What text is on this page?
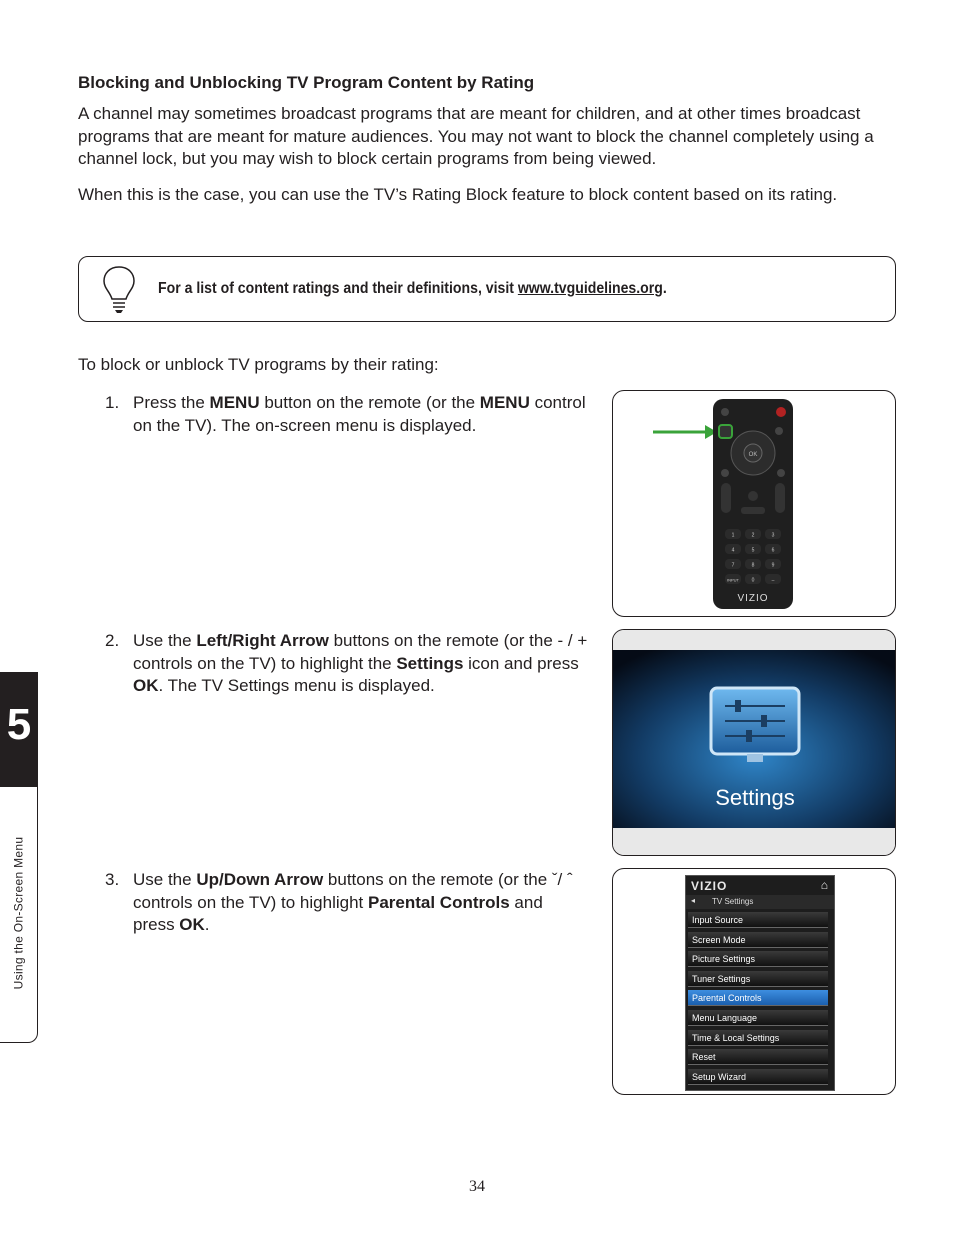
Blocking and Unblocking TV Program Content by Rating
A channel may sometimes broadcast programs that are meant for children, and at other times broadcast programs that are meant for mature audiences. You may not want to block the channel completely using a channel lock, but you may wish to block certain programs from being viewed.
When this is the case, you can use the TV’s Rating Block feature to block content based on its rating.
For a list of content ratings and their definitions, visit www.tvguidelines.org.
To block or unblock TV programs by their rating:
1. Press the MENU button on the remote (or the MENU control on the TV). The on-screen menu is displayed.
2. Use the Left/Right Arrow buttons on the remote (or the - / + controls on the TV) to highlight the Settings icon and press OK. The TV Settings menu is displayed.
3. Use the Up/Down Arrow buttons on the remote (or the ˇ/ ˆ controls on the TV) to highlight Parental Controls and press OK.
OK
1	2	3
4	5	6
7	8	9
INPUT	0	–
VIZIO
Settings
VIZIO	⌂
◂ TV Settings
Input Source
Screen Mode
Picture Settings
Tuner Settings
Parental Controls
Menu Language
Time & Local Settings
Reset
Setup Wizard
5
Using the On-Screen Menu
34
